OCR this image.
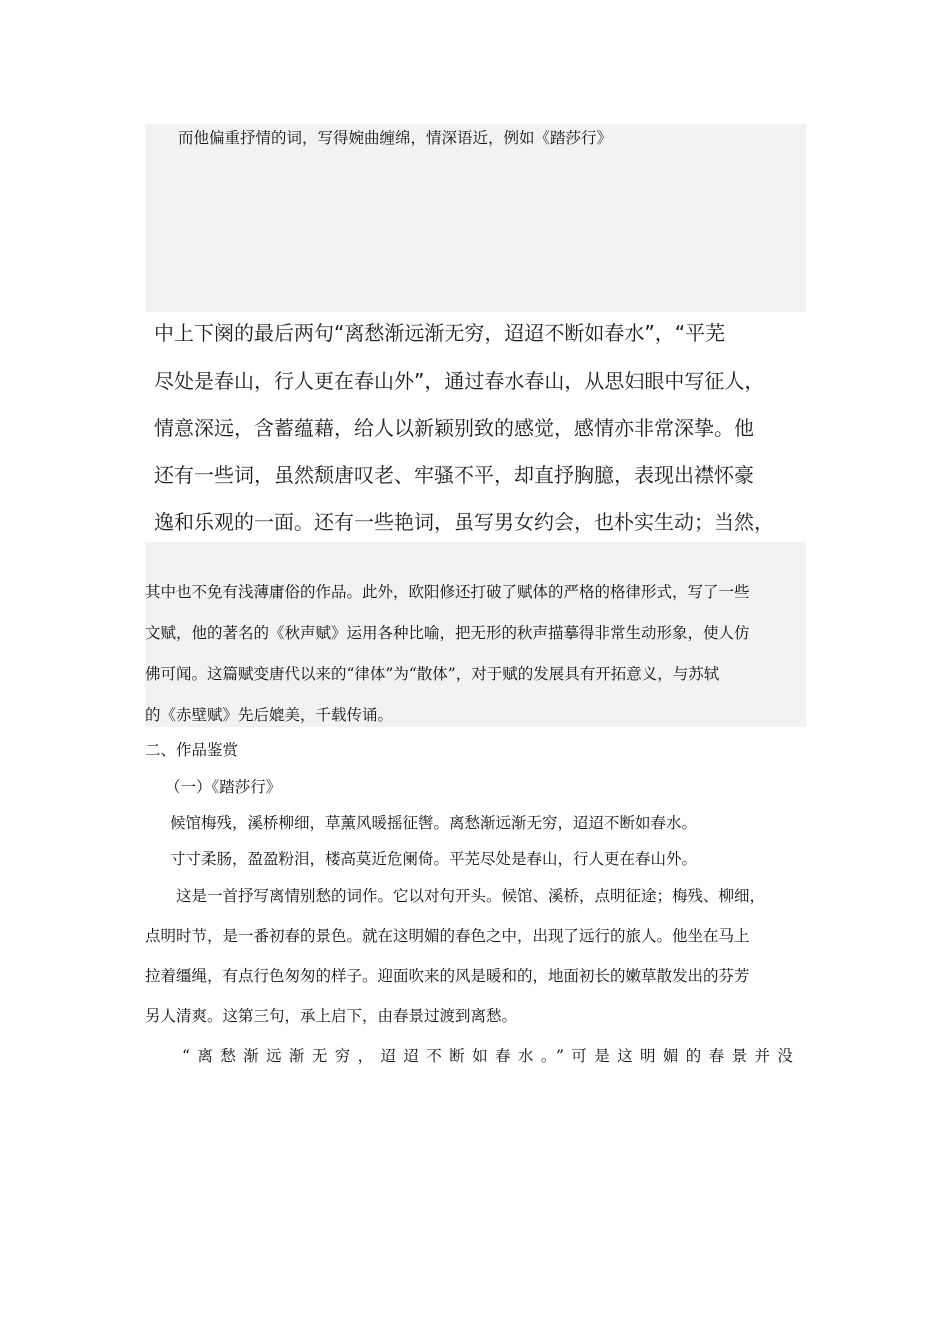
而他偏重抒情的词，写得婉曲缠绵，情深语近，例如《踏莎行》
中上下阕的最后两句“离愁渐远渐无穷，迢迢不断如春水”，“平芜
尽处是春山，行人更在春山外”，通过春水春山，从思妇眼中写征人，
情意深远，含蓄蕴藉，给人以新颖别致的感觉，感情亦非常深挚。他
还有一些词，虽然颓唐叹老、牢骚不平，却直抒胸臆，表现出襟怀豪
逸和乐观的一面。还有一些艳词，虽写男女约会，也朴实生动；当然，
其中也不免有浅薄庸俗的作品。此外，欧阳修还打破了赋体的严格的格律形式，写了一些
文赋，他的著名的《秋声赋》运用各种比喻，把无形的秋声描摹得非常生动形象，使人仿
佛可闻。这篇赋变唐代以来的“律体”为“散体”，对于赋的发展具有开拓意义，与苏轼
的《赤壁赋》先后媲美，千载传诵。
二、作品鉴赏
（一）《踏莎行》
候馆梅残，溪桥柳细，草薰风暖摇征辔。离愁渐远渐无穷，迢迢不断如春水。
寸寸柔肠，盈盈粉泪，楼高莫近危阑倚。平芜尽处是春山，行人更在春山外。
这是一首抒写离情别愁的词作。它以对句开头。候馆、溪桥，点明征途；梅残、柳细，
点明时节，是一番初春的景色。就在这明媚的春色之中，出现了远行的旅人。他坐在马上
拉着缰绳，有点行色匆匆的样子。迎面吹来的风是暖和的，地面初长的嫩草散发出的芬芳
另人清爽。这第三句，承上启下，由春景过渡到离愁。
“离愁渐远渐无穷，迢迢不断如春水。”可是这明媚的春景并没
